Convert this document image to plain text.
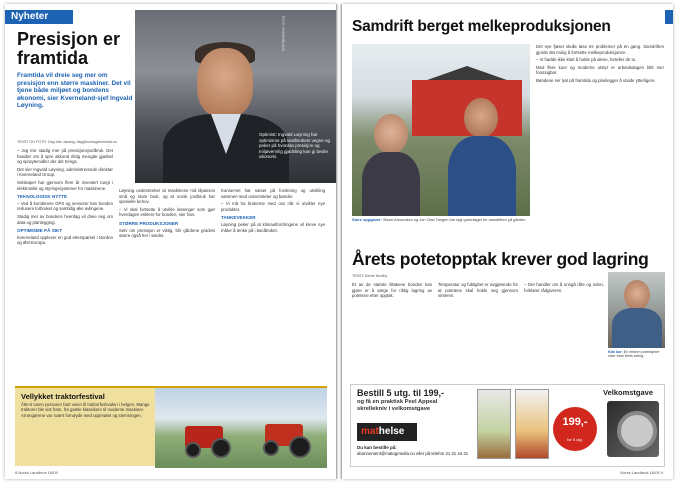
Nyheter
Optimist: Ingvald Løyning har optimisme på landbrukets vegne og peker på hvordan presisjon og miljøvennlig gjødsling kan gi bedre økonomi.
FOTO: KVERNELAND
Presisjon er framtida
Framtida vil dreie seg mer om presisjon enn større maskiner. Det vil tjene både miljøet og bondens økonomi, sier Kverneland-sjef Ingvald Løyning.
TEKST OG FOTO: Dag Idar Jøsang, dag@norskgarnmedia.no

– Jeg tror stadig mer på presisjonsjordbruk. Det handler om å spre akkurat riktig mengde gjødsel og sprøytemidler der det trengs.

Det sier Ingvald Løyning, administrerende direktør i Kverneland Group.

Selskapet har gjennom flere år investert tungt i elektronikk og styringssystemer for maskinene.

TEKNOLOGISK NYTTE

– Ved å kombinere GPS og sensorer kan bonden redusere forbruket og samtidig øke avlingene.

Stadig mer av bondens hverdag vil dreie seg om data og planlegging.

OPTIMISME PÅ SIKT

Kverneland opplever en god etterspørsel i Norden og Øst-Europa.

Løyning understreker at maskinene må tilpasses små og store bruk, og at norsk jordbruk har spesielle behov.

– Vi skal fortsette å utvikle løsninger som gjør hverdagen enklere for bonden, sier han.

STØRRE PRODUKSJONER

Selv om presisjon er viktig, blir gårdene gradvis større også her i landet.

Konsernet har satset på forskning og utvikling sammen med universiteter og bønder.

– Vi må ha brukerne med oss når vi utvikler nye produkter.

TANKEVEKKER

Løyning peker på at klimautfordringene vil kreve nye måter å tenke på i landbruket.

Vellykket traktorfestival
Åtte-ti tusen personer fant veien til traktorfestivalen i helgen. Mange traktorer ble vist fram, fra gamle klassikere til moderne maskiner. Arrangørene var svært fornøyde med oppmøtet og stemningen.
8 Norsk Landbruk 16/09
Samdrift berget melkeproduksjonen
Store oppgaver: Sissel Amundsen og Jon Olav Tangen har lagt grunnlaget for samdriften på gården.

Det nye fjøset skulle løse tre problemer på én gang. Samdriften gjorde det mulig å fortsette melkeproduksjonen.

– Vi hadde ikke klart å holde på alene, forteller de to.

Med flere kuer og moderne utstyr er arbeidsdagen blitt mer forutsigbar.

Bøndene ser lyst på framtida og planlegger å utvide ytterligere.

Årets potetopptak krever god lagring
TEKST: Bente Nordby

Et av de største tiltakene bonden kan gjøre er å sørge for riktig lagring av potetene etter opptak.

Temperatur og fuktighet er avgjørende for at potetene skal holde seg gjennom vinteren.

– Det handler om å unngå råte og svinn, forklarer rådgiveren.

Klar kur: En erfaren potetdyrker viser fram årets avling.
Bestill 5 utg. til 199,-
og få en praktisk Peel Appeal
skrelleknív i velkomstgave
mathelse
Du kan bestille på:
abonnement@matogmedia.no eller på telefon 21 31 44 41
199,-
for 5 utg.
Velkomstgave
Norsk Landbruk 16/09 9
